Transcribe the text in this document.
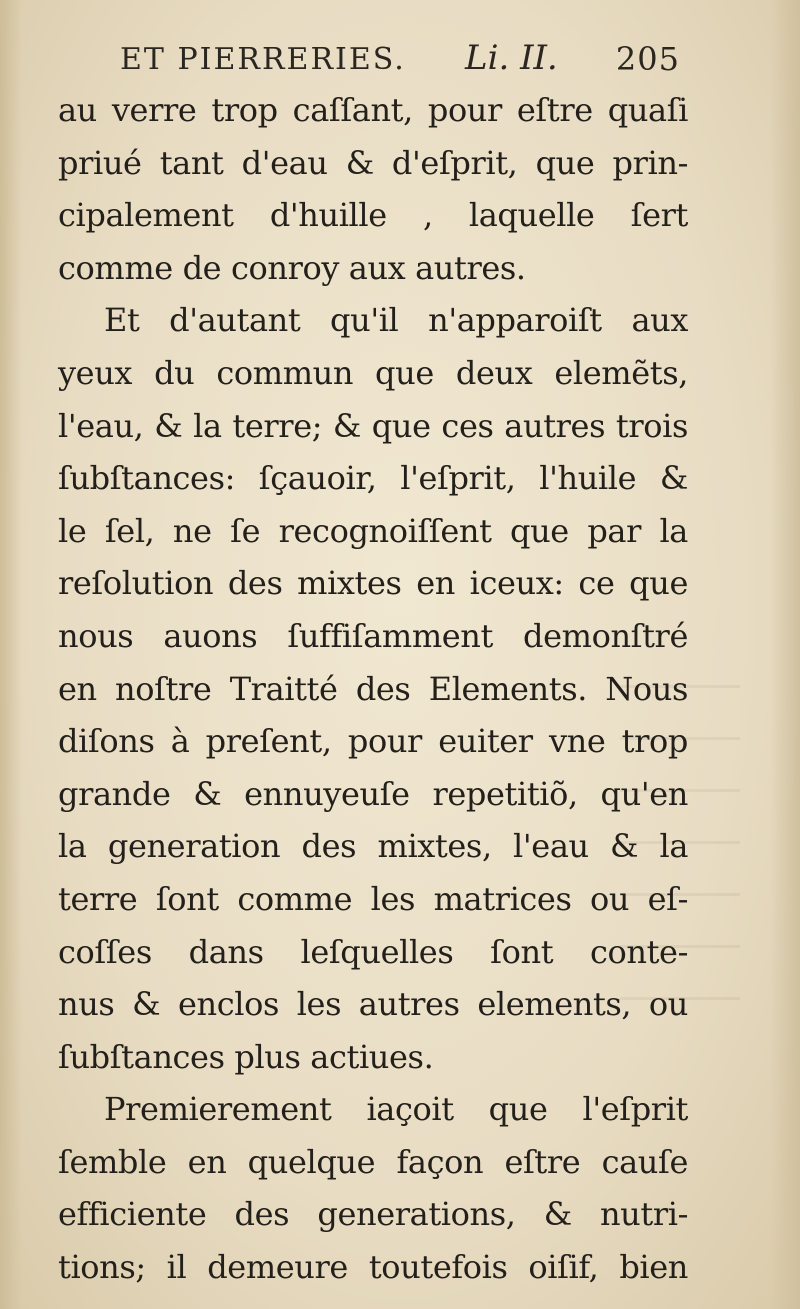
ET PIERRERIES. Li. II. 205
au verre trop caſſant, pour eſtre quaſi
priué tant d'eau & d'eſprit, que prin-
cipalement d'huille , laquelle ſert
comme de conroy aux autres.
Et d'autant qu'il n'apparoiſt aux
yeux du commun que deux elemẽts,
l'eau, & la terre; & que ces autres trois
ſubſtances: ſçauoir, l'eſprit, l'huile &
le ſel, ne ſe recognoiſſent que par la
reſolution des mixtes en iceux: ce que
nous auons ſuffiſamment demonſtré
en noſtre Traitté des Elements. Nous
diſons à preſent, pour euiter vne trop
grande & ennuyeuſe repetitiõ, qu'en
la generation des mixtes, l'eau & la
terre ſont comme les matrices ou eſ-
coſſes dans leſquelles ſont conte-
nus & enclos les autres elements, ou
ſubſtances plus actiues.
Premierement iaçoit que l'eſprit
ſemble en quelque façon eſtre cauſe
efficiente des generations, & nutri-
tions; il demeure toutefois oiſif, bien
